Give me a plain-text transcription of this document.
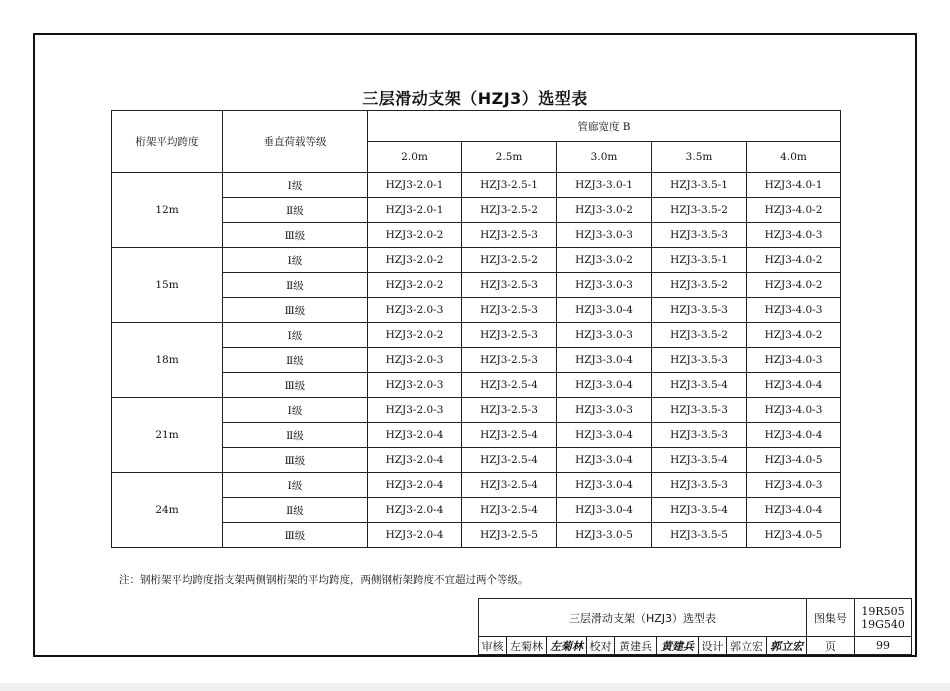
三层滑动支架（HZJ3）选型表
桁架平均跨度	垂直荷载等级	管廊宽度 B				
		2.0m	2.5m	3.0m	3.5m	4.0m
12m	Ⅰ级	HZJ3-2.0-1	HZJ3-2.5-1	HZJ3-3.0-1	HZJ3-3.5-1	HZJ3-4.0-1
	Ⅱ级	HZJ3-2.0-1	HZJ3-2.5-2	HZJ3-3.0-2	HZJ3-3.5-2	HZJ3-4.0-2
	Ⅲ级	HZJ3-2.0-2	HZJ3-2.5-3	HZJ3-3.0-3	HZJ3-3.5-3	HZJ3-4.0-3
15m	Ⅰ级	HZJ3-2.0-2	HZJ3-2.5-2	HZJ3-3.0-2	HZJ3-3.5-1	HZJ3-4.0-2
	Ⅱ级	HZJ3-2.0-2	HZJ3-2.5-3	HZJ3-3.0-3	HZJ3-3.5-2	HZJ3-4.0-2
	Ⅲ级	HZJ3-2.0-3	HZJ3-2.5-3	HZJ3-3.0-4	HZJ3-3.5-3	HZJ3-4.0-3
18m	Ⅰ级	HZJ3-2.0-2	HZJ3-2.5-3	HZJ3-3.0-3	HZJ3-3.5-2	HZJ3-4.0-2
	Ⅱ级	HZJ3-2.0-3	HZJ3-2.5-3	HZJ3-3.0-4	HZJ3-3.5-3	HZJ3-4.0-3
	Ⅲ级	HZJ3-2.0-3	HZJ3-2.5-4	HZJ3-3.0-4	HZJ3-3.5-4	HZJ3-4.0-4
21m	Ⅰ级	HZJ3-2.0-3	HZJ3-2.5-3	HZJ3-3.0-3	HZJ3-3.5-3	HZJ3-4.0-3
	Ⅱ级	HZJ3-2.0-4	HZJ3-2.5-4	HZJ3-3.0-4	HZJ3-3.5-3	HZJ3-4.0-4
	Ⅲ级	HZJ3-2.0-4	HZJ3-2.5-4	HZJ3-3.0-4	HZJ3-3.5-4	HZJ3-4.0-5
24m	Ⅰ级	HZJ3-2.0-4	HZJ3-2.5-4	HZJ3-3.0-4	HZJ3-3.5-3	HZJ3-4.0-3
	Ⅱ级	HZJ3-2.0-4	HZJ3-2.5-4	HZJ3-3.0-4	HZJ3-3.5-4	HZJ3-4.0-4
	Ⅲ级	HZJ3-2.0-4	HZJ3-2.5-5	HZJ3-3.0-5	HZJ3-3.5-5	HZJ3-4.0-5
注：钢桁架平均跨度指支架两侧钢桁架的平均跨度，两侧钢桁架跨度不宜超过两个等级。
三层滑动支架（HZJ3）选型表									图集号	19R505
19G540

审核	左菊林	左菊林	校对	黄建兵	黄建兵	设计	郭立宏	郭立宏	页	99
